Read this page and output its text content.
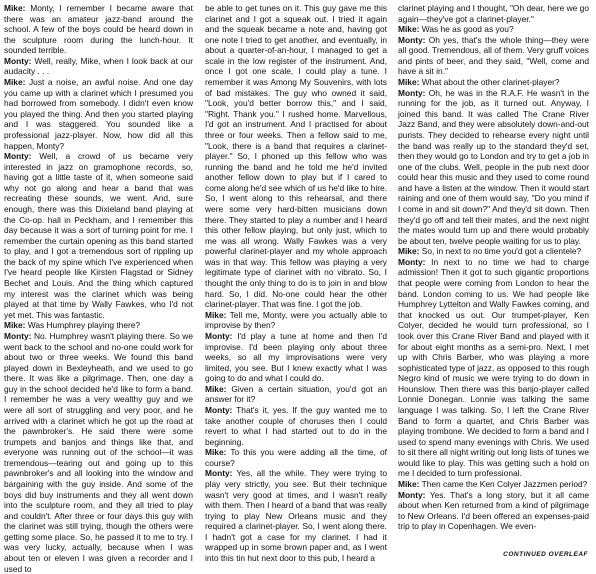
Mike: Monty, I remember I became aware that there was an amateur jazz-band around the school. A few of the boys could be heard down in the sculpture room during the lunch-hour. It sounded terrible.

Monty: Well, really, Mike, when I look back at our audacity . . .

Mike: Just a noise, an awful noise. And one day you came up with a clarinet which I presumed you had borrowed from somebody. I didn't even know you played the thing. And then you started playing and I was staggered. You sounded like a professional jazz-player. Now, how did all this happen, Monty?

Monty: Well, a crowd of us became very interested in jazz on gramophone records, so, having got a little taste of it, when someone said why not go along and hear a band that was recreating these sounds, we went. And, sure enough, there was this Dixieland band playing at the Co-op. hall in Peckham, and I remember this day because it was a sort of turning point for me. I remember the curtain opening as this band started to play, and I got a tremendous sort of rippling up the back of my spine which I've experienced when I've heard people like Kirsten Flagstad or Sidney Bechet and Louis. And the thing which captured my interest was the clarinet which was being played at that time by Wally Fawkes, who I'd not yet met. This was fantastic.

Mike: Was Humphrey playing there?

Monty: No. Humphrey wasn't playing there. So we went back to the school and no-one could work for about two or three weeks. We found this band played down in Bexleyheath, and we used to go there. It was like a pilgrimage. Then, one day a guy in the school decided he'd like to form a band. I remember he was a very wealthy guy and we were all sort of struggling and very poor, and he arrived with a clarinet which he got up the road at the pawnbroker's. He said there were some trumpets and banjos and things like that, and everyone was running out of the school—it was tremendous—tearing out and going up to this pawnbroker's and all looking into the window and bargaining with the guy inside. And some of the boys did buy instruments and they all went down into the sculpture room, and they all tried to play and couldn't. After three or four days this guy with the clarinet was still trying, though the others were getting some place. So, he passed it to me to try. I was very lucky, actually, because when I was about ten or eleven I was given a recorder and I used to

be able to get tunes on it. This guy gave me this clarinet and I got a squeak out. I tried it again and the squeak became a note and, having got one note I tried to get another, and eventually, in about a quarter-of-an-hour, I managed to get a scale in the low register of the instrument. And, once I got one scale, I could play a tune. I remember it was Among My Souvenirs, with lots of bad mistakes. The guy who owned it said, "Look, you'd better borrow this," and I said, "Right. Thank you." I rushed home. Marvellous, I'd got an instrument. And I practised for about three or four weeks. Then a fellow said to me, "Look, there is a band that requires a clarinet-player." So, I phoned up this fellow who was running the band and he told me he'd invited another fellow down to play but if I cared to come along he'd see which of us he'd like to hire. So, I went along to this rehearsal, and there were some very hard-bitten musicians down there. They started to play a number and I heard this other fellow playing, but only just, which to me was all wrong. Wally Fawkes was a very powerful clarinet-player and my whole approach was in that way. This fellow was playing a very legitimate type of clarinet with no vibrato. So, I thought the only thing to do is to join in and blow hard. So, I did. No-one could hear the other clarinet-player. That was fine. I got the job.

Mike: Tell me, Monty, were you actually able to improvise by then?

Monty: I'd play a tune at home and then I'd improvise. I'd been playing only about three weeks, so all my improvisations were very limited, you see. But I knew exactly what I was going to do and what I could do.

Mike: Given a certain situation, you'd got an answer for it?

Monty: That's it, yes. If the guy wanted me to take another couple of choruses then I could revert to what I had started out to do in the beginning.

Mike: To this you were adding all the time, of course?

Monty: Yes, all the while. They were trying to play very strictly, you see. But their technique wasn't very good at times, and I wasn't really with them. Then I heard of a band that was really trying to play New Orleans music and they required a clarinet-player. So, I went along there. I hadn't got a case for my clarinet. I had it wrapped up in some brown paper and, as I went into this tin hut next door to this pub, I heard a

clarinet playing and I thought, "Oh dear, here we go again—they've got a clarinet-player."

Mike: Was he as good as you?

Monty: Oh yes, that's the whole thing—they were all good. Tremendous, all of them. Very gruff voices and pints of beer, and they said, "Well, come and have a sit in."

Mike: What about the other clarinet-player?

Monty: Oh, he was in the R.A.F. He wasn't in the running for the job, as it turned out. Anyway, I joined this band. It was called The Crane River Jazz Band, and they were absolutely down-and-out purists. They decided to rehearse every night until the band was really up to the standard they'd set, then they would go to London and try to get a job in one of the clubs. Well, people in the pub next door could hear this music and they used to come round and have a listen at the window. Then it would start raining and one of them would say, "Do you mind if I come in and sit down?" And they'd sit down. Then they'd go off and tell their mates, and the next night the mates would turn up and there would probably be about ten, twelve people waiting for us to play.

Mike: So, in next to no time you'd got a clientele?

Monty: In next to no time we had to charge admission! Then it got to such gigantic proportions that people were coming from London to hear the band. London coming to us. We had people like Humphrey Lyttelton and Wally Fawkes coming, and that knocked us out. Our trumpet-player, Ken Colyer, decided he would turn professional, so I took over this Crane River Band and played with it for about eight months as a semi-pro. Next, I met up with Chris Barber, who was playing a more sophisticated type of jazz, as opposed to this rough Negro kind of music we were trying to do down in Hounslow. Then there was this banjo-player called Lonnie Donegan. Lonnie was talking the same language I was talking. So, I left the Crane River Band to form a quartet, and Chris Barber was playing trombone. We decided to form a band and I used to spend many evenings with Chris. We used to sit there all night writing out long lists of tunes we would like to play. This was getting such a hold on me I decided to turn professional.

Mike: Then came the Ken Colyer Jazzmen period?

Monty: Yes. That's a long story, but it all came about when Ken returned from a kind of pilgrimage to New Orleans. I'd been offered an expenses-paid trip to play in Copenhagen. We even-

CONTINUED OVERLEAF
